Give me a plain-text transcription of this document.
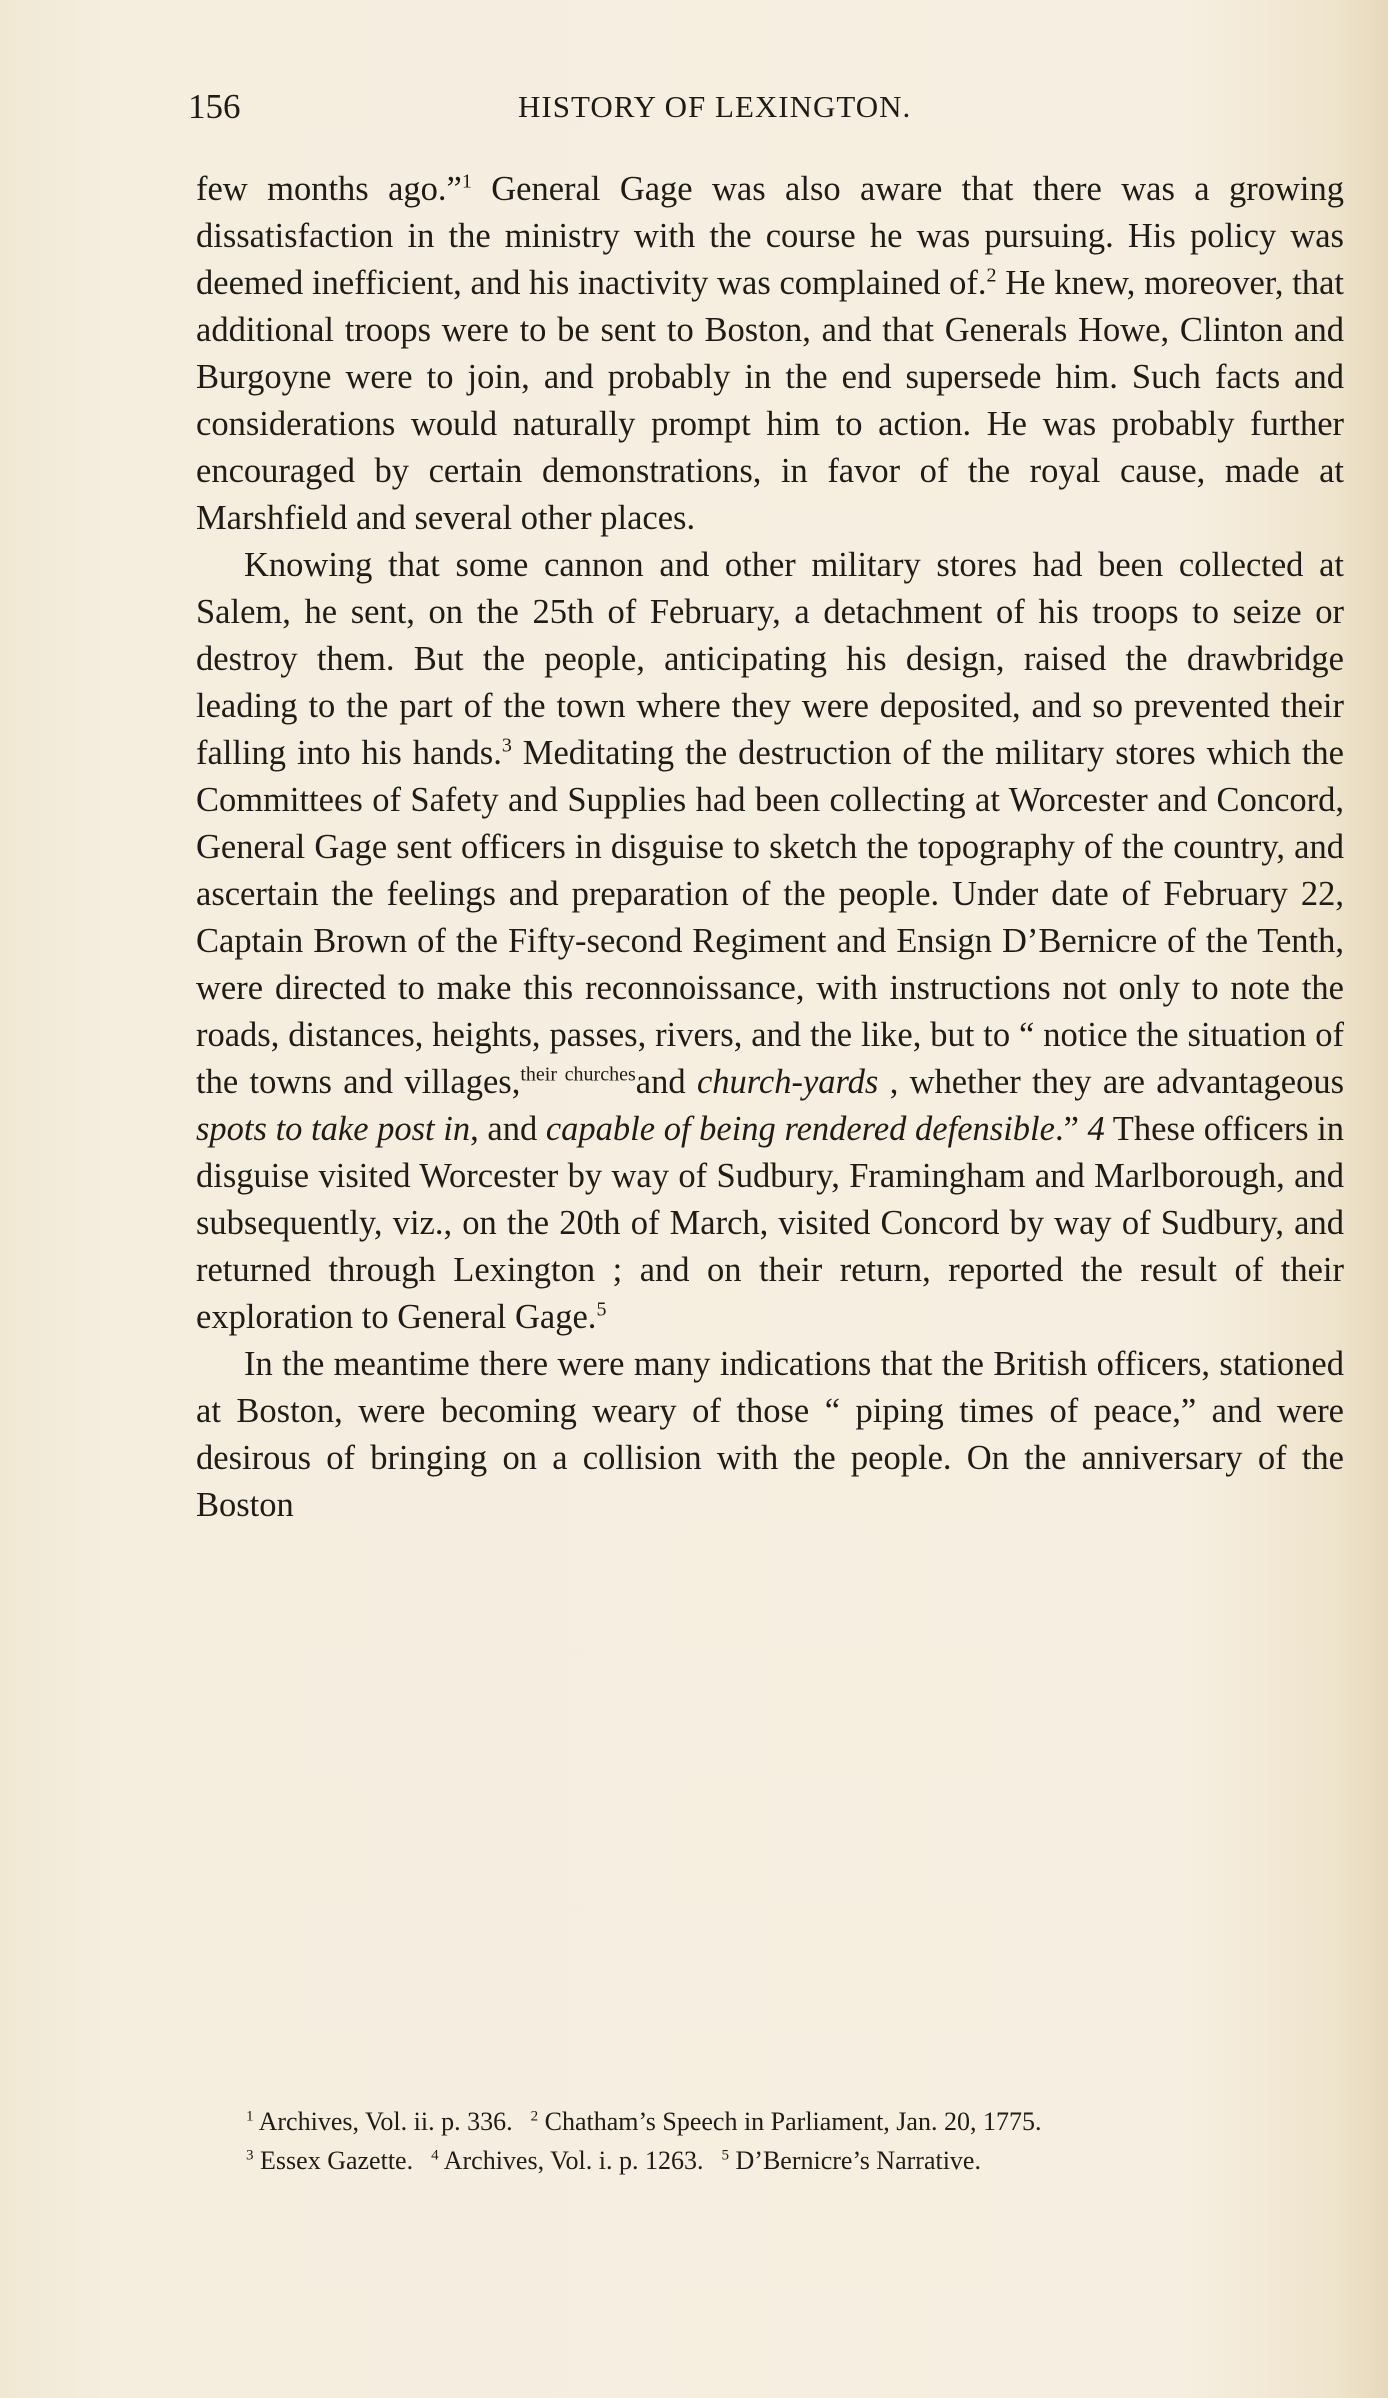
156	HISTORY OF LEXINGTON.

few months ago.”$^1$ General Gage was also aware that there was a growing dissatisfaction in the ministry with the course he was pursuing. His policy was deemed inefficient, and his inactivity was complained of.$^2$ He knew, moreover, that additional troops were to be sent to Boston, and that Generals Howe, Clinton and Burgoyne were to join, and probably in the end supersede him. Such facts and considerations would naturally prompt him to action. He was probably further encouraged by certain demonstrations, in favor of the royal cause, made at Marshfield and several other places.

Knowing that some cannon and other military stores had been collected at Salem, he sent, on the 25th of February, a detachment of his troops to seize or destroy them. But the people, anticipating his design, raised the drawbridge leading to the part of the town where they were deposited, and so prevented their falling into his hands.$^3$ Meditating the destruction of the military stores which the Committees of Safety and Supplies had been collecting at Worcester and Concord, General Gage sent officers in disguise to sketch the topography of the country, and ascertain the feelings and preparation of the people. Under date of February 22, Captain Brown of the Fifty-second Regiment and Ensign D’Bernicre of the Tenth, were directed to make this reconnoissance, with instructions not only to note the roads, distances, heights, passes, rivers, and the like, but to “ notice the situation of the towns and villages,$^{their churches}$and church-yards , whether they are advantageous spots to take post in, and capable of being rendered defensible.” 4 These officers in disguise visited Worcester by way of Sudbury, Framingham and Marlborough, and subsequently, viz., on the 20th of March, visited Concord by way of Sudbury, and returned through Lexington ; and on their return, reported the result of their exploration to General Gage.$^5$

In the meantime there were many indications that the British officers, stationed at Boston, were becoming weary of those “ piping times of peace,” and were desirous of bringing on a collision with the people. On the anniversary of the Boston

$^1$ Archives, Vol. ii. p. 336. $^2$ Chatham’s Speech in Parliament, Jan. 20, 1775.
$^3$ Essex Gazette. $^4$ Archives, Vol. i. p. 1263. $^5$ D’Bernicre’s Narrative.
